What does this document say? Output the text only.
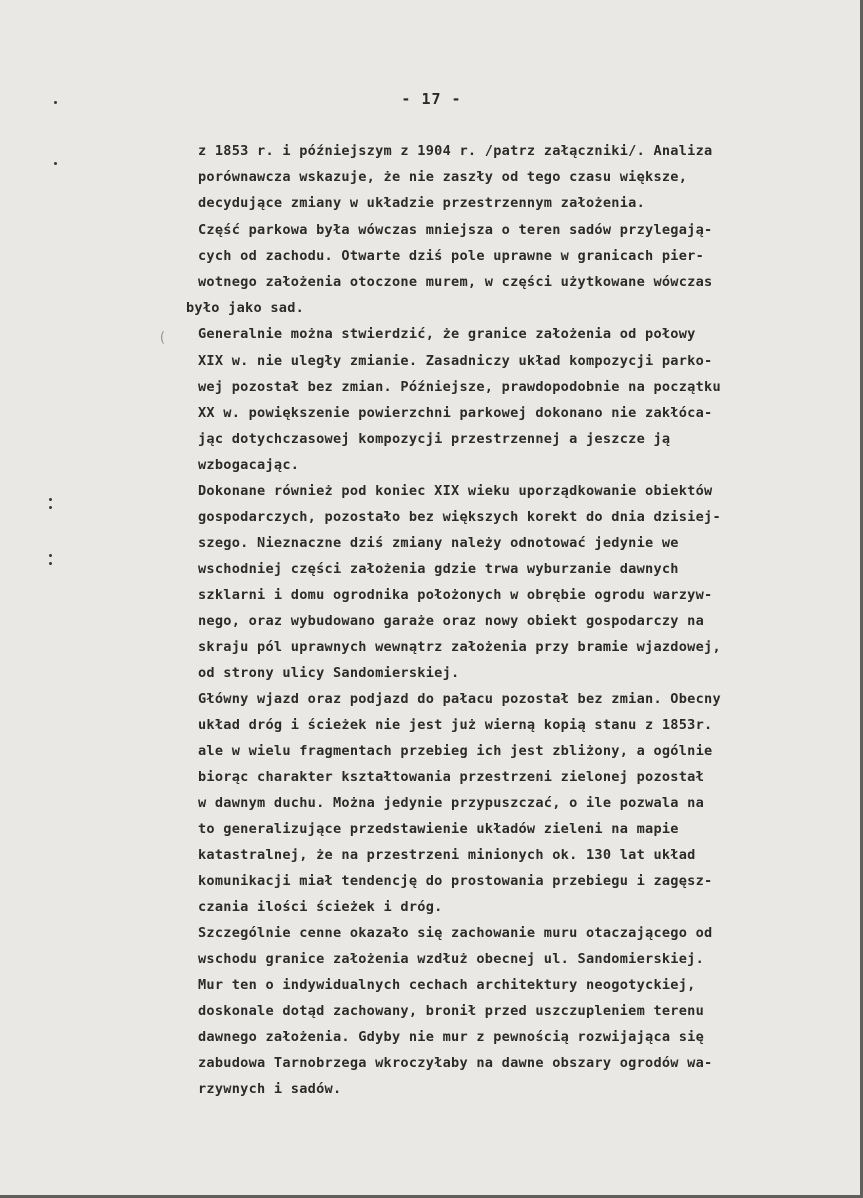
(
- 17 -
z 1853 r. i późniejszym z 1904 r. /patrz załączniki/. Analiza
porównawcza wskazuje, że nie zaszły od tego czasu większe,
decydujące zmiany w układzie przestrzennym założenia.
Część parkowa była wówczas mniejsza o teren sadów przylegają-
cych od zachodu. Otwarte dziś pole uprawne w granicach pier-
wotnego założenia otoczone murem, w części użytkowane wówczas
było jako sad.
Generalnie można stwierdzić, że granice założenia od połowy
XIX w. nie uległy zmianie. Zasadniczy układ kompozycji parko-
wej pozostał bez zmian. Późniejsze, prawdopodobnie na początku
XX w. powiększenie powierzchni parkowej dokonano nie zakłóca-
jąc dotychczasowej kompozycji przestrzennej a jeszcze ją
wzbogacając.
Dokonane również pod koniec XIX wieku uporządkowanie obiektów
gospodarczych, pozostało bez większych korekt do dnia dzisiej-
szego. Nieznaczne dziś zmiany należy odnotować jedynie we
wschodniej części założenia gdzie trwa wyburzanie dawnych
szklarni i domu ogrodnika położonych w obrębie ogrodu warzyw-
nego, oraz wybudowano garaże oraz nowy obiekt gospodarczy na
skraju pól uprawnych wewnątrz założenia przy bramie wjazdowej,
od strony ulicy Sandomierskiej.
Główny wjazd oraz podjazd do pałacu pozostał bez zmian. Obecny
układ dróg i ścieżek nie jest już wierną kopią stanu z 1853r.
ale w wielu fragmentach przebieg ich jest zbliżony, a ogólnie
biorąc charakter kształtowania przestrzeni zielonej pozostał
w dawnym duchu. Można jedynie przypuszczać, o ile pozwala na
to generalizujące przedstawienie układów zieleni na mapie
katastralnej, że na przestrzeni minionych ok. 130 lat układ
komunikacji miał tendencję do prostowania przebiegu i zagęsz-
czania ilości ścieżek i dróg.
Szczególnie cenne okazało się zachowanie muru otaczającego od
wschodu granice założenia wzdłuż obecnej ul. Sandomierskiej.
Mur ten o indywidualnych cechach architektury neogotyckiej,
doskonale dotąd zachowany, bronił przed uszczupleniem terenu
dawnego założenia. Gdyby nie mur z pewnością rozwijająca się
zabudowa Tarnobrzega wkroczyłaby na dawne obszary ogrodów wa-
rzywnych i sadów.
